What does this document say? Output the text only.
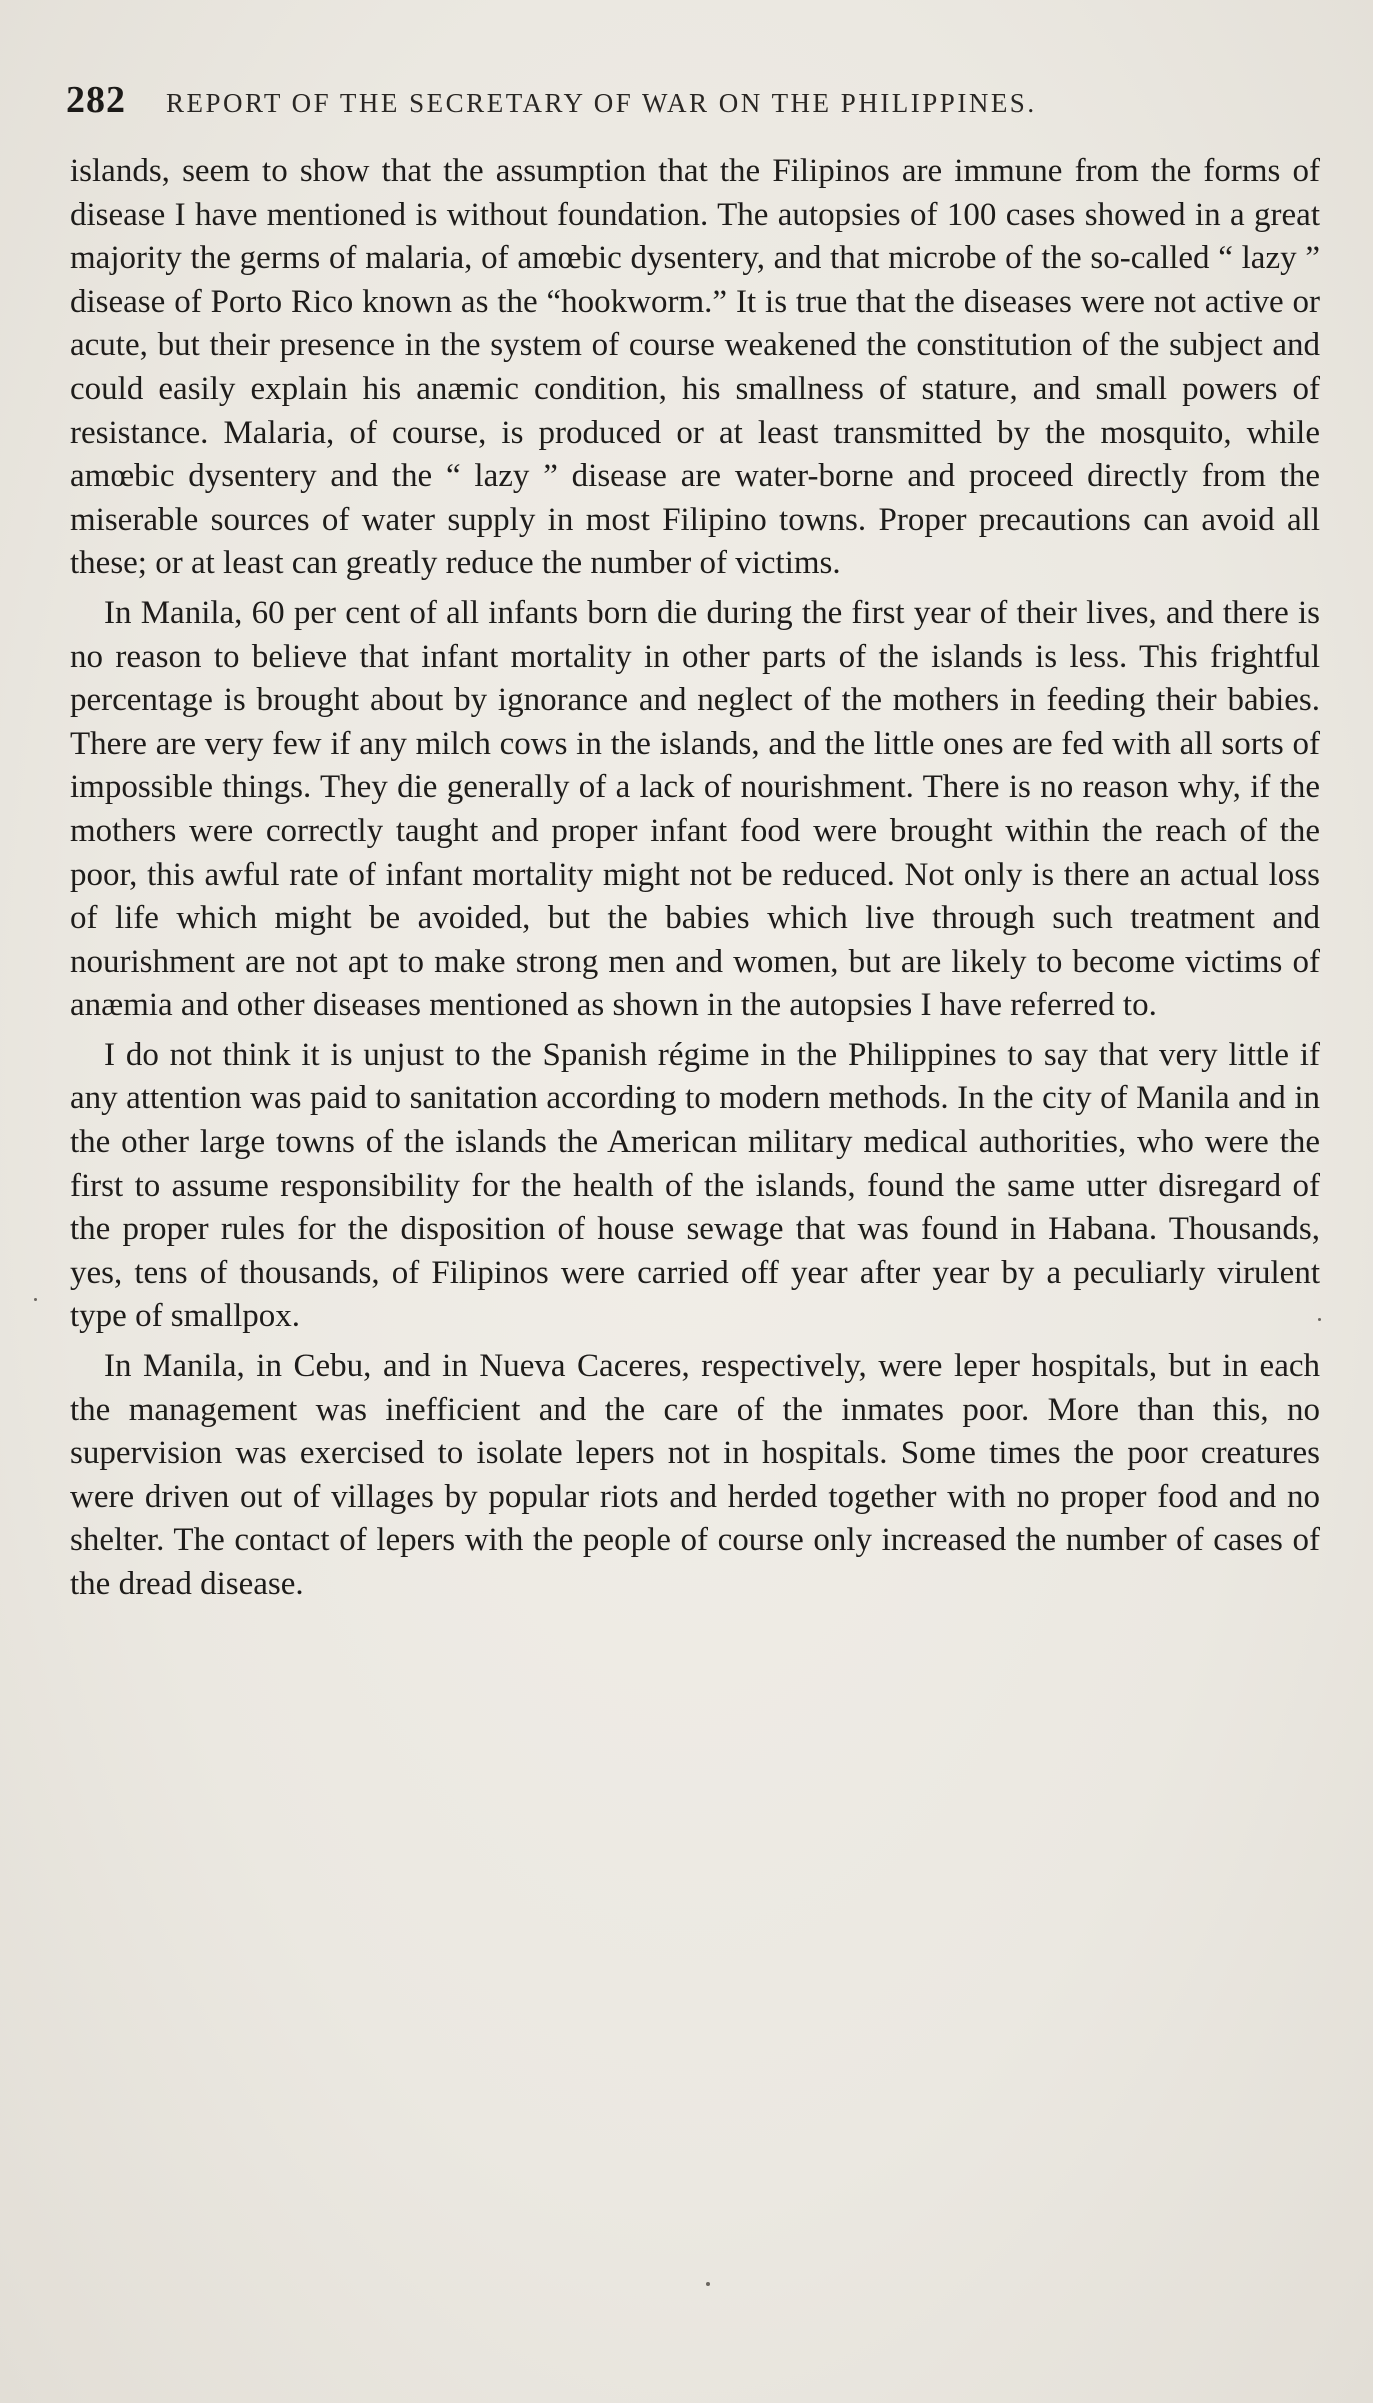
282 REPORT OF THE SECRETARY OF WAR ON THE PHILIPPINES.

islands, seem to show that the assumption that the Filipinos are immune from the forms of disease I have mentioned is without foundation. The autopsies of 100 cases showed in a great majority the germs of malaria, of amœbic dysentery, and that microbe of the so-called “ lazy ” disease of Porto Rico known as the “hookworm.” It is true that the diseases were not active or acute, but their presence in the system of course weakened the constitution of the subject and could easily explain his anæmic condition, his smallness of stature, and small powers of resistance. Malaria, of course, is produced or at least transmitted by the mosquito, while amœbic dysentery and the “ lazy ” disease are water-borne and proceed directly from the miserable sources of water supply in most Filipino towns. Proper precautions can avoid all these; or at least can greatly reduce the number of victims.

In Manila, 60 per cent of all infants born die during the first year of their lives, and there is no reason to believe that infant mortality in other parts of the islands is less. This frightful percentage is brought about by ignorance and neglect of the mothers in feeding their babies. There are very few if any milch cows in the islands, and the little ones are fed with all sorts of impossible things. They die generally of a lack of nourishment. There is no reason why, if the mothers were correctly taught and proper infant food were brought within the reach of the poor, this awful rate of infant mortality might not be reduced. Not only is there an actual loss of life which might be avoided, but the babies which live through such treatment and nourishment are not apt to make strong men and women, but are likely to become victims of anæmia and other diseases mentioned as shown in the autopsies I have referred to.

I do not think it is unjust to the Spanish régime in the Philippines to say that very little if any attention was paid to sanitation according to modern methods. In the city of Manila and in the other large towns of the islands the American military medical authorities, who were the first to assume responsibility for the health of the islands, found the same utter disregard of the proper rules for the disposition of house sewage that was found in Habana. Thousands, yes, tens of thousands, of Filipinos were carried off year after year by a peculiarly virulent type of smallpox.

In Manila, in Cebu, and in Nueva Caceres, respectively, were leper hospitals, but in each the management was inefficient and the care of the inmates poor. More than this, no supervision was exercised to isolate lepers not in hospitals. Some times the poor creatures were driven out of villages by popular riots and herded together with no proper food and no shelter. The contact of lepers with the people of course only increased the number of cases of the dread disease.
